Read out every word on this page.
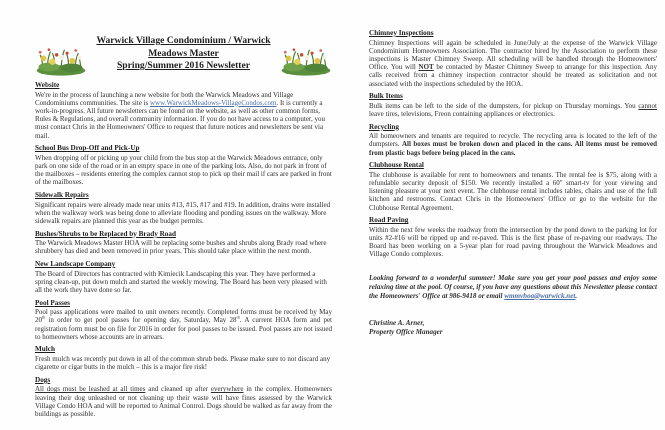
Warwick Village Condominium / Warwick Meadows Master
Spring/Summer 2016 Newsletter
Website

We're in the process of launching a new website for both the Warwick Meadows and Village Condominiums communities. The site is www.WarwickMeadows-VillageCondos.com. It is currently a work-in-progress. All future newsletters can be found on the website, as well as other common forms, Rules & Regulations, and overall community information. If you do not have access to a computer, you must contact Chris in the Homeowners' Office to request that future notices and newsletters be sent via mail.

School Bus Drop-Off and Pick-Up

When dropping off or picking up your child from the bus stop at the Warwick Meadows entrance, only park on one side of the road or in an empty space in one of the parking lots. Also, do not park in front of the mailboxes – residents entering the complex cannot stop to pick up their mail if cars are parked in front of the mailboxes.

Sidewalk Repairs

Significant repairs were already made near units #13, #15, #17 and #19. In addition, drains were installed when the walkway work was being done to alleviate flooding and ponding issues on the walkway. More sidewalk repairs are planned this year as the budget permits.

Bushes/Shrubs to be Replaced by Brady Road

The Warwick Meadows Master HOA will be replacing some bushes and shrubs along Brady road where shrubbery has died and been removed in prior years. This should take place within the next month.

New Landscape Company

The Board of Directors has contracted with Kimiecik Landscaping this year. They have performed a spring clean-up, put down mulch and started the weekly mowing. The Board has been very pleased with all the work they have done so far.

Pool Passes

Pool pass applications were mailed to unit owners recently. Completed forms must be received by May 20th in order to get pool passes for opening day, Saturday, May 28th. A current HOA form and pet registration form must be on file for 2016 in order for pool passes to be issued. Pool passes are not issued to homeowners whose accounts are in arrears.

Mulch

Fresh mulch was recently put down in all of the common shrub beds. Please make sure to not discard any cigarette or cigar butts in the mulch – this is a major fire risk!

Dogs

All dogs must be leashed at all times and cleaned up after everywhere in the complex. Homeowners leaving their dog unleashed or not cleaning up their waste will have fines assessed by the Warwick Village Condo HOA and will be reported to Animal Control. Dogs should be walked as far away from the buildings as possible.

Chimney Inspections

Chimney Inspections will again be scheduled in June/July at the expense of the Warwick Village Condominium Homeowners Association. The contractor hired by the Association to perform these inspections is Master Chimney Sweep. All scheduling will be handled through the Homeowners' Office. You will NOT be contacted by Master Chimney Sweep to arrange for this inspection. Any calls received from a chimney inspection contractor should be treated as solicitation and not associated with the inspections scheduled by the HOA.

Bulk Items

Bulk items can be left to the side of the dumpsters, for pickup on Thursday mornings. You cannot leave tires, televisions, Freon containing appliances or electronics.

Recycling

All homeowners and tenants are required to recycle. The recycling area is located to the left of the dumpsters. All boxes must be broken down and placed in the cans. All items must be removed from plastic bags before being placed in the cans.

Clubhouse Rental

The clubhouse is available for rent to homeowners and tenants. The rental fee is $75, along with a refundable security deposit of $150. We recently installed a 60" smart-tv for your viewing and listening pleasure at your next event. The clubhouse rental includes tables, chairs and use of the full kitchen and restrooms. Contact Chris in the Homeowners' Office or go to the website for the Clubhouse Rental Agreement.

Road Paving

Within the next few weeks the roadway from the intersection by the pond down to the parking lot for units #2-#16 will be ripped up and re-paved. This is the first phase of re-paving our roadways. The Board has been working on a 5-year plan for road paving throughout the Warwick Meadows and Village Condo complexes.

Looking forward to a wonderful summer! Make sure you get your pool passes and enjoy some relaxing time at the pool. Of course, if you have any questions about this Newsletter please contact the Homeowners' Office at 986-9418 or email wmmvhoa@warwick.net.

Christine A. Arner,
Property Office Manager
